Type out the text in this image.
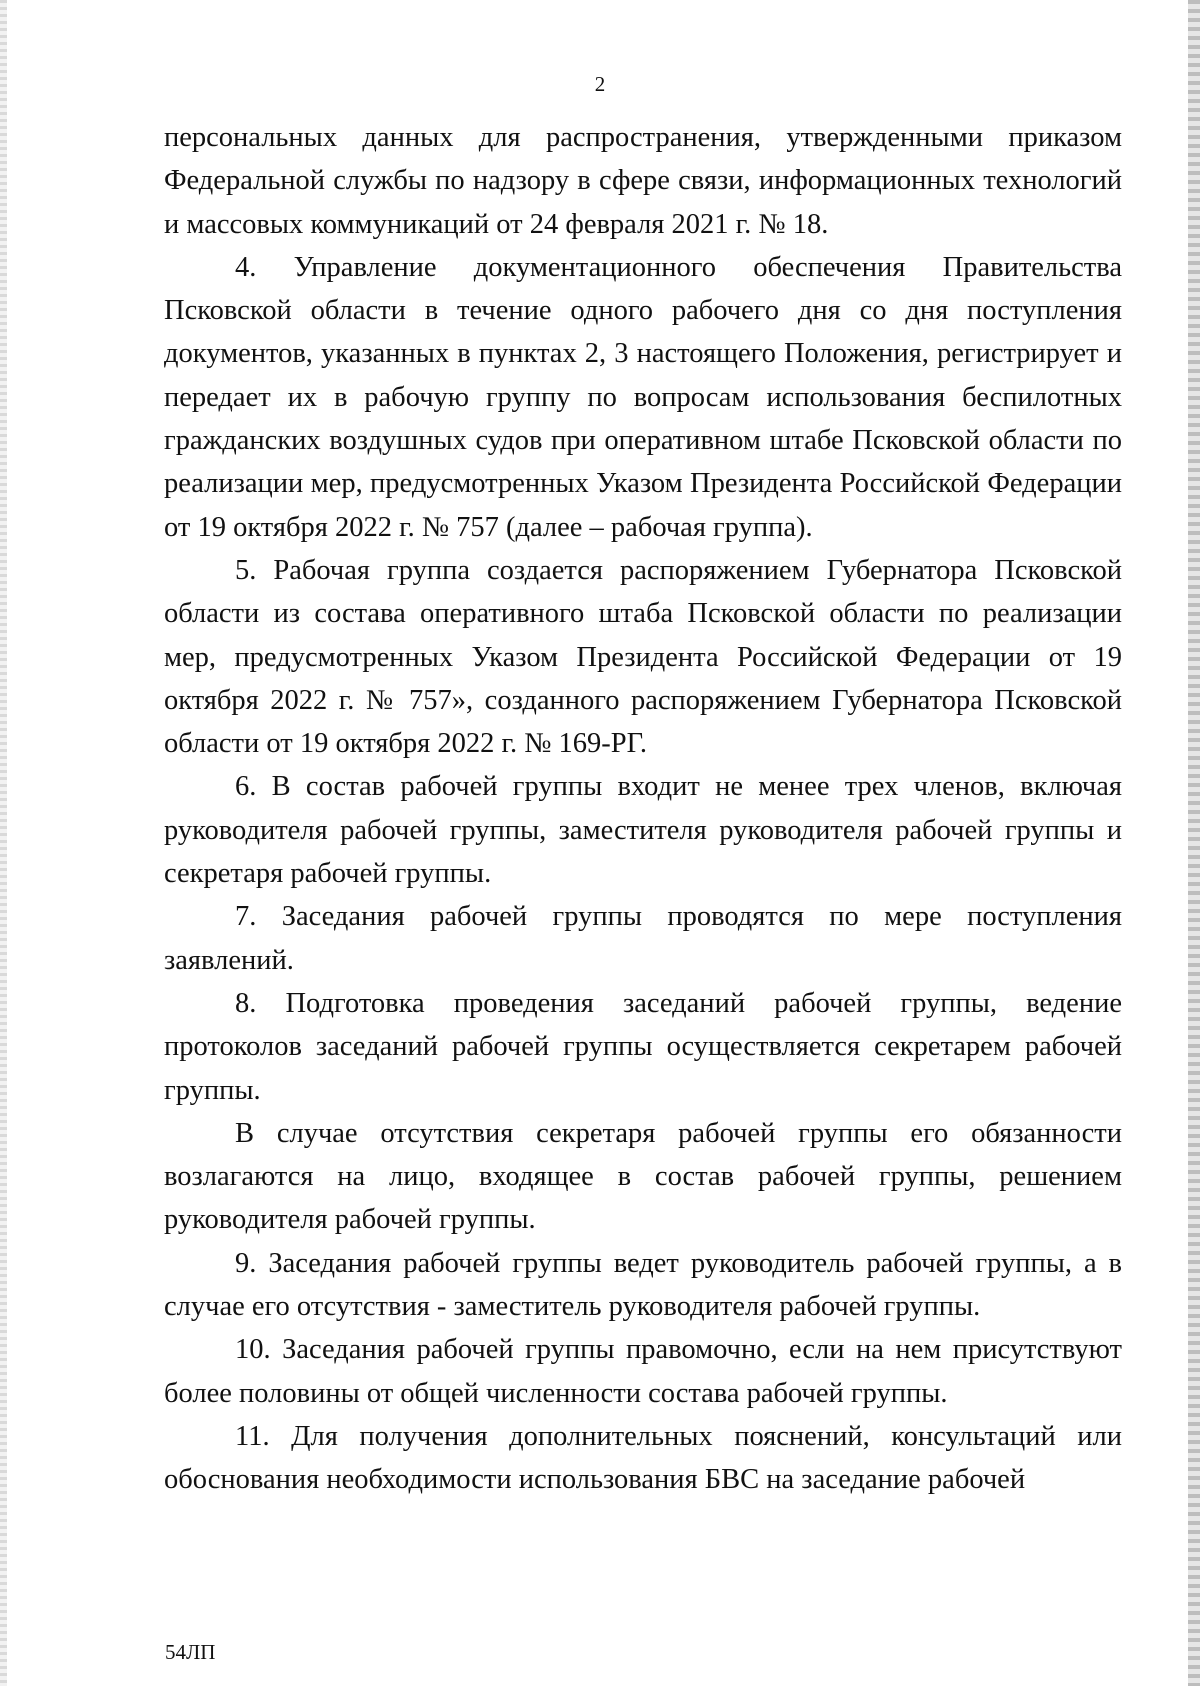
2

персональных данных для распространения, утвержденными приказом Федеральной службы по надзору в сфере связи, информационных технологий и массовых коммуникаций от 24 февраля 2021 г. № 18.

4. Управление документационного обеспечения Правительства Псковской области в течение одного рабочего дня со дня поступления документов, указанных в пунктах 2, 3 настоящего Положения, регистрирует и передает их в рабочую группу по вопросам использования беспилотных гражданских воздушных судов при оперативном штабе Псковской области по реализации мер, предусмотренных Указом Президента Российской Федерации от 19 октября 2022 г. № 757 (далее – рабочая группа).

5. Рабочая группа создается распоряжением Губернатора Псковской области из состава оперативного штаба Псковской области по реализации мер, предусмотренных Указом Президента Российской Федерации от 19 октября 2022 г. № 757», созданного распоряжением Губернатора Псковской области от 19 октября 2022 г. № 169-РГ.

6. В состав рабочей группы входит не менее трех членов, включая руководителя рабочей группы, заместителя руководителя рабочей группы и секретаря рабочей группы.

7. Заседания рабочей группы проводятся по мере поступления заявлений.

8. Подготовка проведения заседаний рабочей группы, ведение протоколов заседаний рабочей группы осуществляется секретарем рабочей группы.

В случае отсутствия секретаря рабочей группы его обязанности возлагаются на лицо, входящее в состав рабочей группы, решением руководителя рабочей группы.

9. Заседания рабочей группы ведет руководитель рабочей группы, а в случае его отсутствия - заместитель руководителя рабочей группы.

10. Заседания рабочей группы правомочно, если на нем присутствуют более половины от общей численности состава рабочей группы.

11. Для получения дополнительных пояснений, консультаций или обоснования необходимости использования БВС на заседание рабочей

54ЛП
